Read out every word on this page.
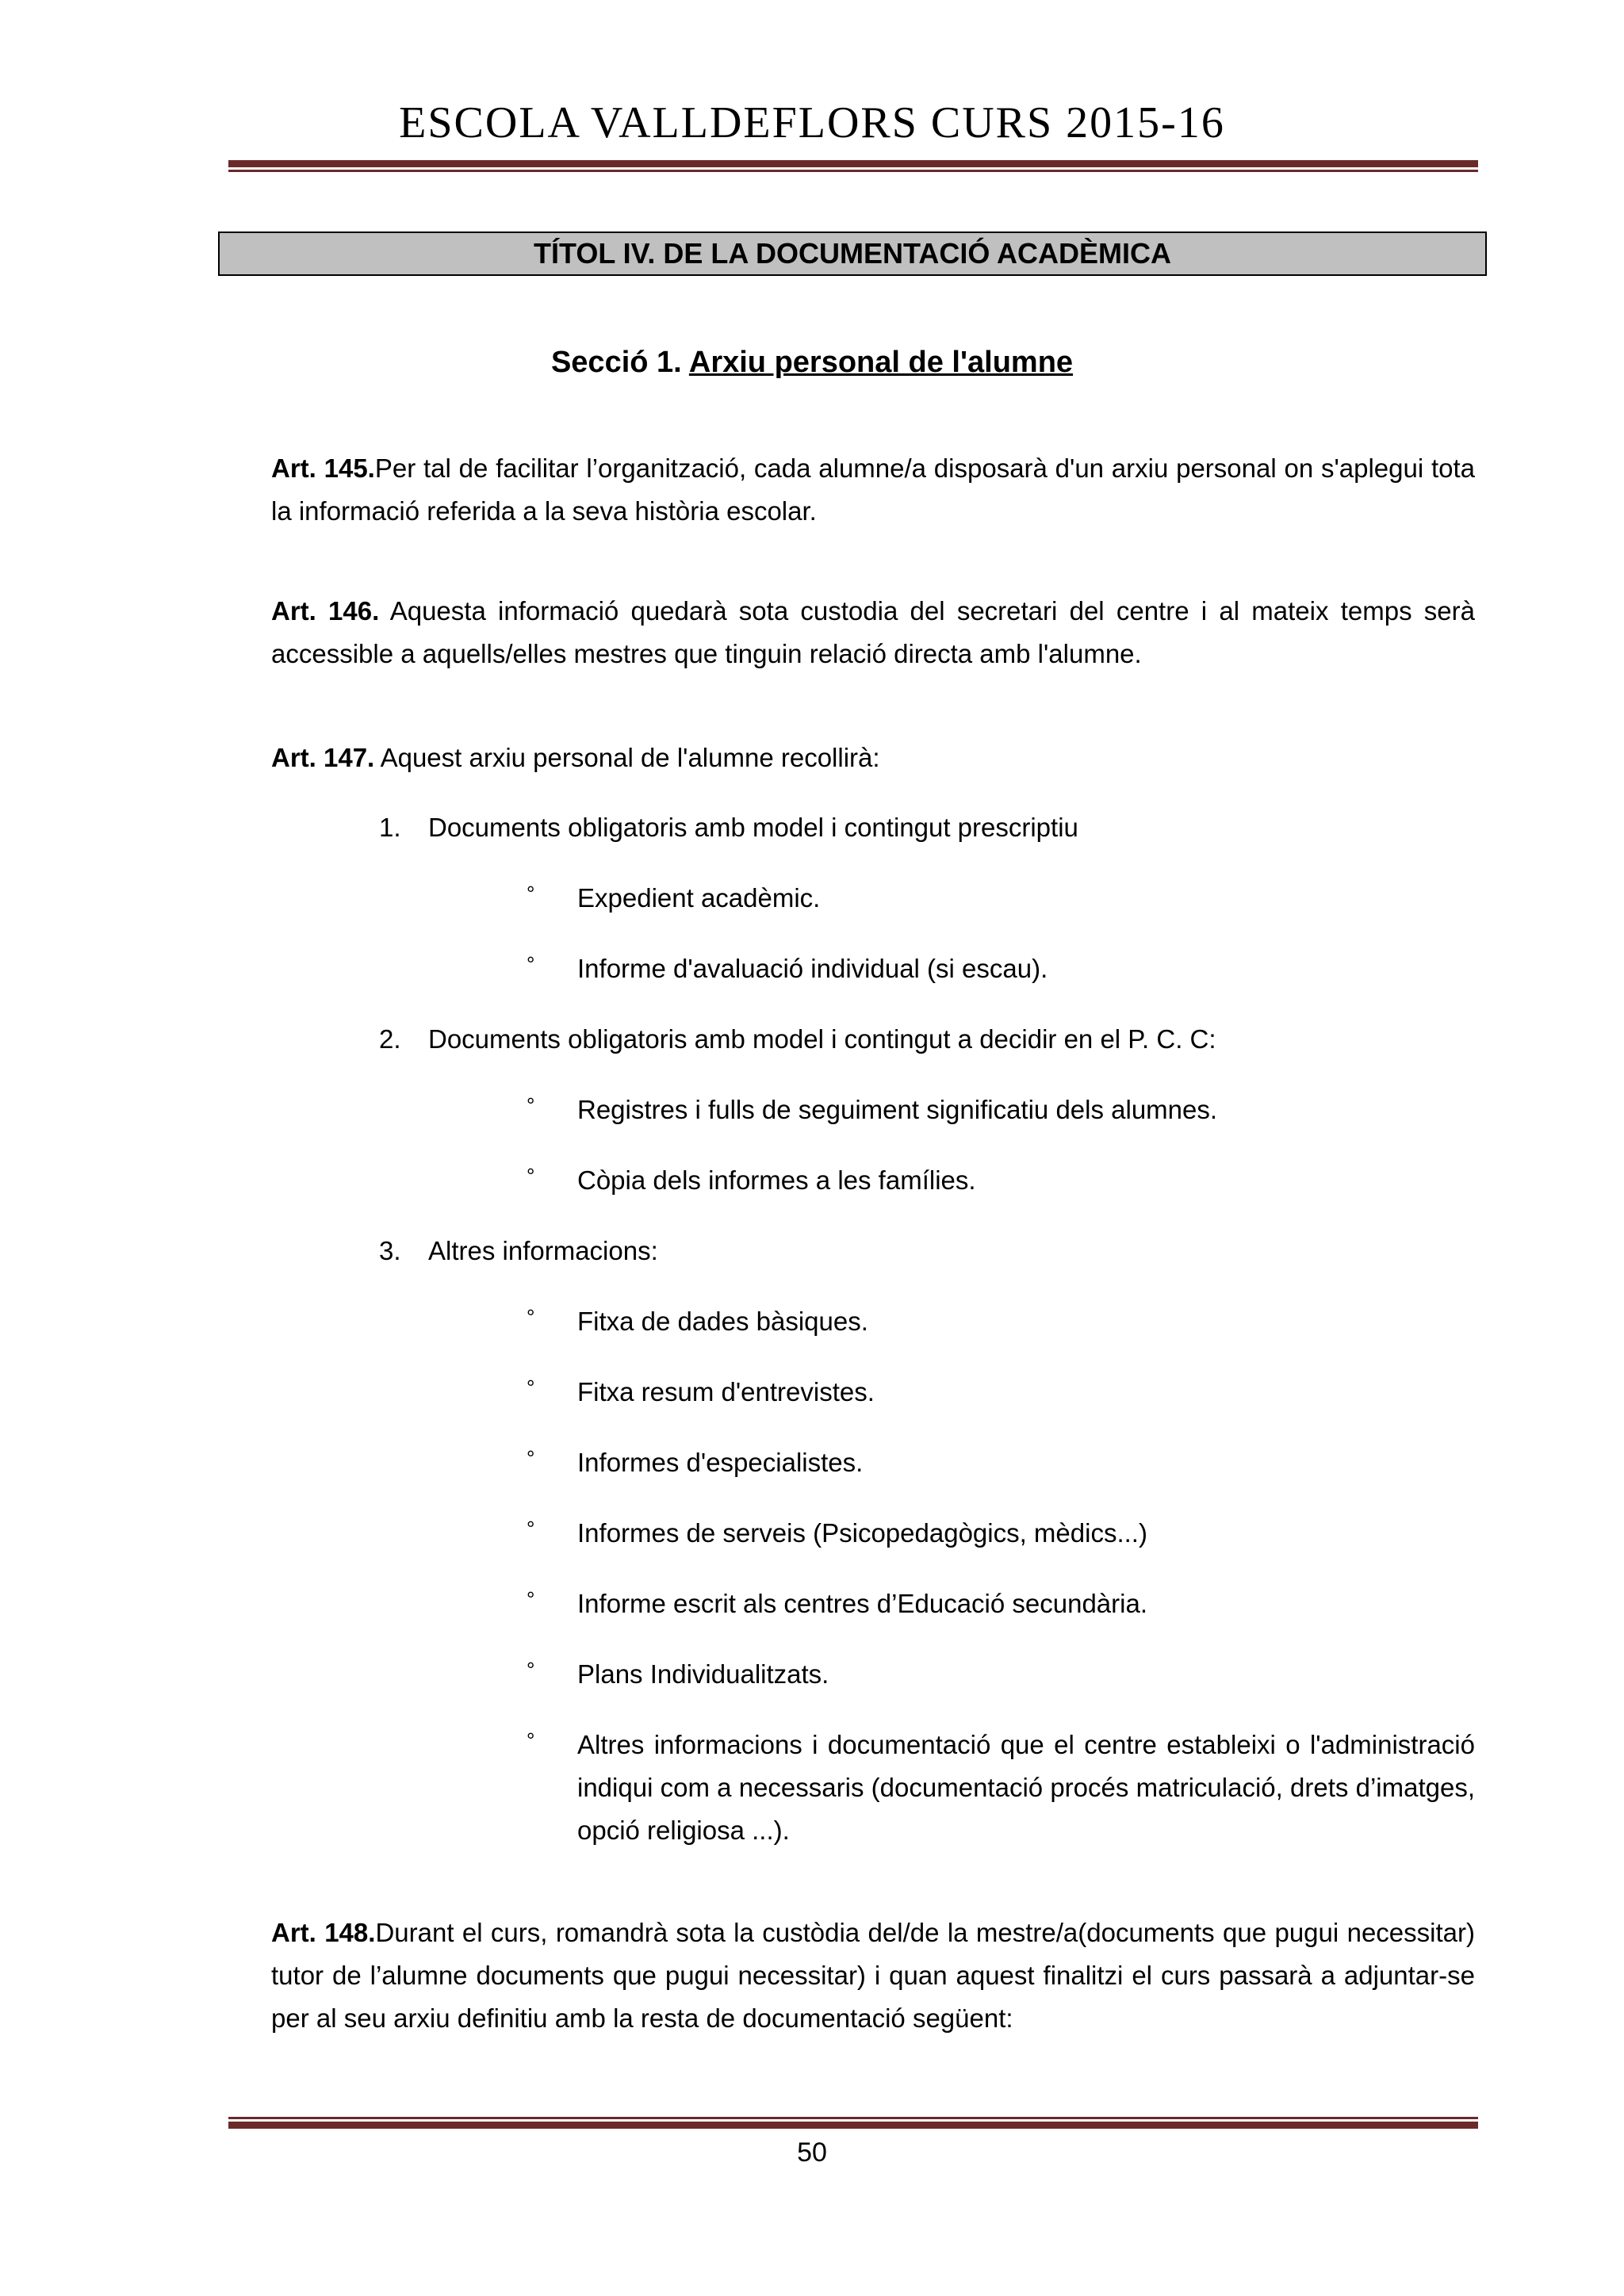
ESCOLA VALLDEFLORS CURS 2015-16
TÍTOL IV. DE LA DOCUMENTACIÓ ACADÈMICA
Secció 1. Arxiu personal de l'alumne
Art. 145.Per tal de facilitar l’organització, cada alumne/a disposarà d'un arxiu personal on s'aplegui tota la informació referida a la seva història escolar.
Art. 146. Aquesta informació quedarà sota custodia del secretari del centre i al mateix temps serà accessible a aquells/elles mestres que tinguin relació directa amb l'alumne.
Art. 147. Aquest arxiu personal de l'alumne recollirà:
1. Documents obligatoris amb model i contingut prescriptiu
° Expedient acadèmic.
° Informe d'avaluació individual (si escau).
2. Documents obligatoris amb model i contingut a decidir en el P. C. C:
° Registres i fulls de seguiment significatiu dels alumnes.
° Còpia dels informes a les famílies.
3. Altres informacions:
° Fitxa de dades bàsiques.
° Fitxa resum d'entrevistes.
° Informes d'especialistes.
° Informes de serveis (Psicopedagògics, mèdics...)
° Informe escrit als centres d’Educació secundària.
° Plans Individualitzats.
° Altres informacions i documentació que el centre estableixi o l'administració indiqui com a necessaris (documentació procés matriculació, drets d’imatges, opció religiosa ...).
Art. 148.Durant el curs, romandrà sota la custòdia del/de la mestre/a(documents que pugui necessitar) tutor de l’alumne documents que pugui necessitar) i quan aquest finalitzi el curs passarà a adjuntar-se per al seu arxiu definitiu amb la resta de documentació següent:
50
